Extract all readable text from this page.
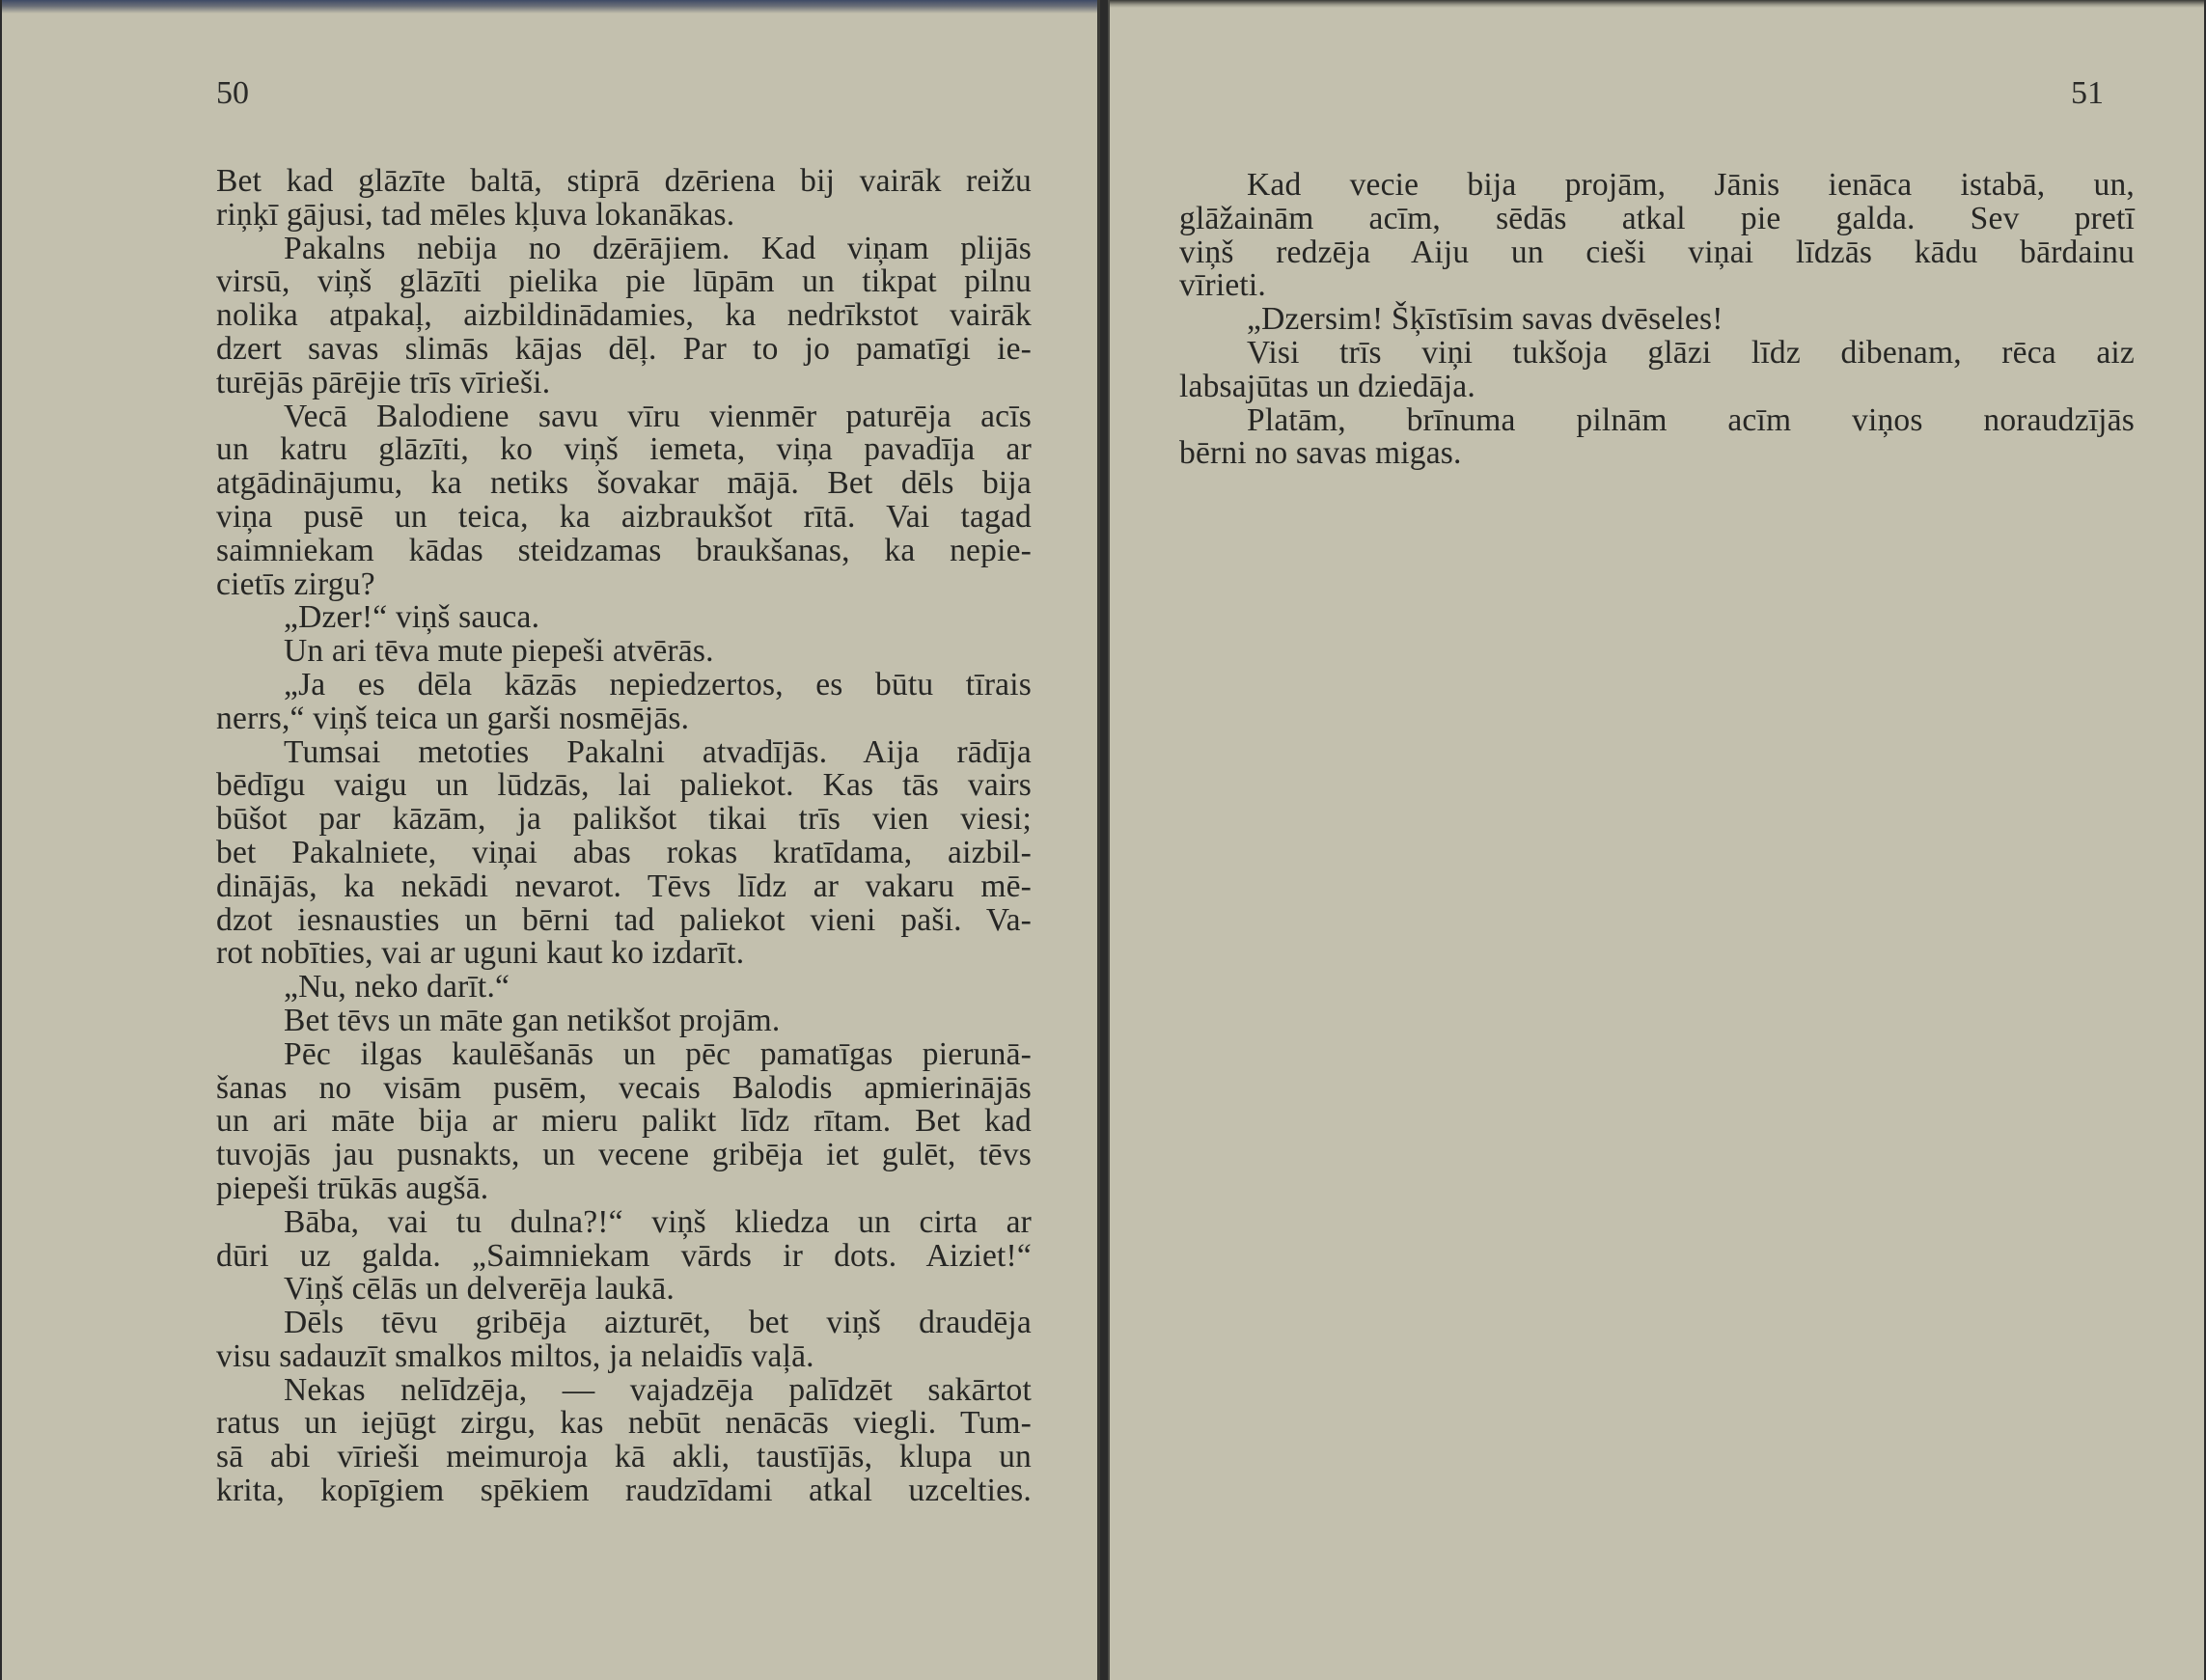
50

Bet kad glāzīte baltā, stiprā dzēriena bij vairāk reižu
riņķī gājusi, tad mēles kļuva lokanākas.
Pakalns nebija no dzērājiem. Kad viņam plijās
virsū, viņš glāzīti pielika pie lūpām un tikpat pilnu
nolika atpakaļ, aizbildinādamies, ka nedrīkstot vairāk
dzert savas slimās kājas dēļ. Par to jo pamatīgi ie-
turējās pārējie trīs vīrieši.
Vecā Balodiene savu vīru vienmēr paturēja acīs
un katru glāzīti, ko viņš iemeta, viņa pavadīja ar
atgādinājumu, ka netiks šovakar mājā. Bet dēls bija
viņa pusē un teica, ka aizbraukšot rītā. Vai tagad
saimniekam kādas steidzamas braukšanas, ka nepie-
cietīs zirgu?
„Dzer!“ viņš sauca.
Un ari tēva mute piepeši atvērās.
„Ja es dēla kāzās nepiedzertos, es būtu tīrais
nerrs,“ viņš teica un garši nosmējās.
Tumsai metoties Pakalni atvadījās. Aija rādīja
bēdīgu vaigu un lūdzās, lai paliekot. Kas tās vairs
būšot par kāzām, ja palikšot tikai trīs vien viesi;
bet Pakalniete, viņai abas rokas kratīdama, aizbil-
dinājās, ka nekādi nevarot. Tēvs līdz ar vakaru mē-
dzot iesnausties un bērni tad paliekot vieni paši. Va-
rot nobīties, vai ar uguni kaut ko izdarīt.
„Nu, neko darīt.“
Bet tēvs un māte gan netikšot projām.
Pēc ilgas kaulēšanās un pēc pamatīgas pierunā-
šanas no visām pusēm, vecais Balodis apmierinājās
un ari māte bija ar mieru palikt līdz rītam. Bet kad
tuvojās jau pusnakts, un vecene gribēja iet gulēt, tēvs
piepeši trūkās augšā.
Bāba, vai tu dulna?!“ viņš kliedza un cirta ar
dūri uz galda. „Saimniekam vārds ir dots. Aiziet!“
Viņš cēlās un delverēja laukā.
Dēls tēvu gribēja aizturēt, bet viņš draudēja
visu sadauzīt smalkos miltos, ja nelaidīs vaļā.
Nekas nelīdzēja, — vajadzēja palīdzēt sakārtot
ratus un iejūgt zirgu, kas nebūt nenācās viegli. Tum-
sā abi vīrieši meimuroja kā akli, taustījās, klupa un
krita, kopīgiem spēkiem raudzīdami atkal uzcelties.

51

Kad vecie bija projām, Jānis ienāca istabā, un,
glāžainām acīm, sēdās atkal pie galda. Sev pretī
viņš redzēja Aiju un cieši viņai līdzās kādu bārdainu
vīrieti.
„Dzersim! Šķīstīsim savas dvēseles!
Visi trīs viņi tukšoja glāzi līdz dibenam, rēca aiz
labsajūtas un dziedāja.
Platām, brīnuma pilnām acīm viņos noraudzījās
bērni no savas migas.
